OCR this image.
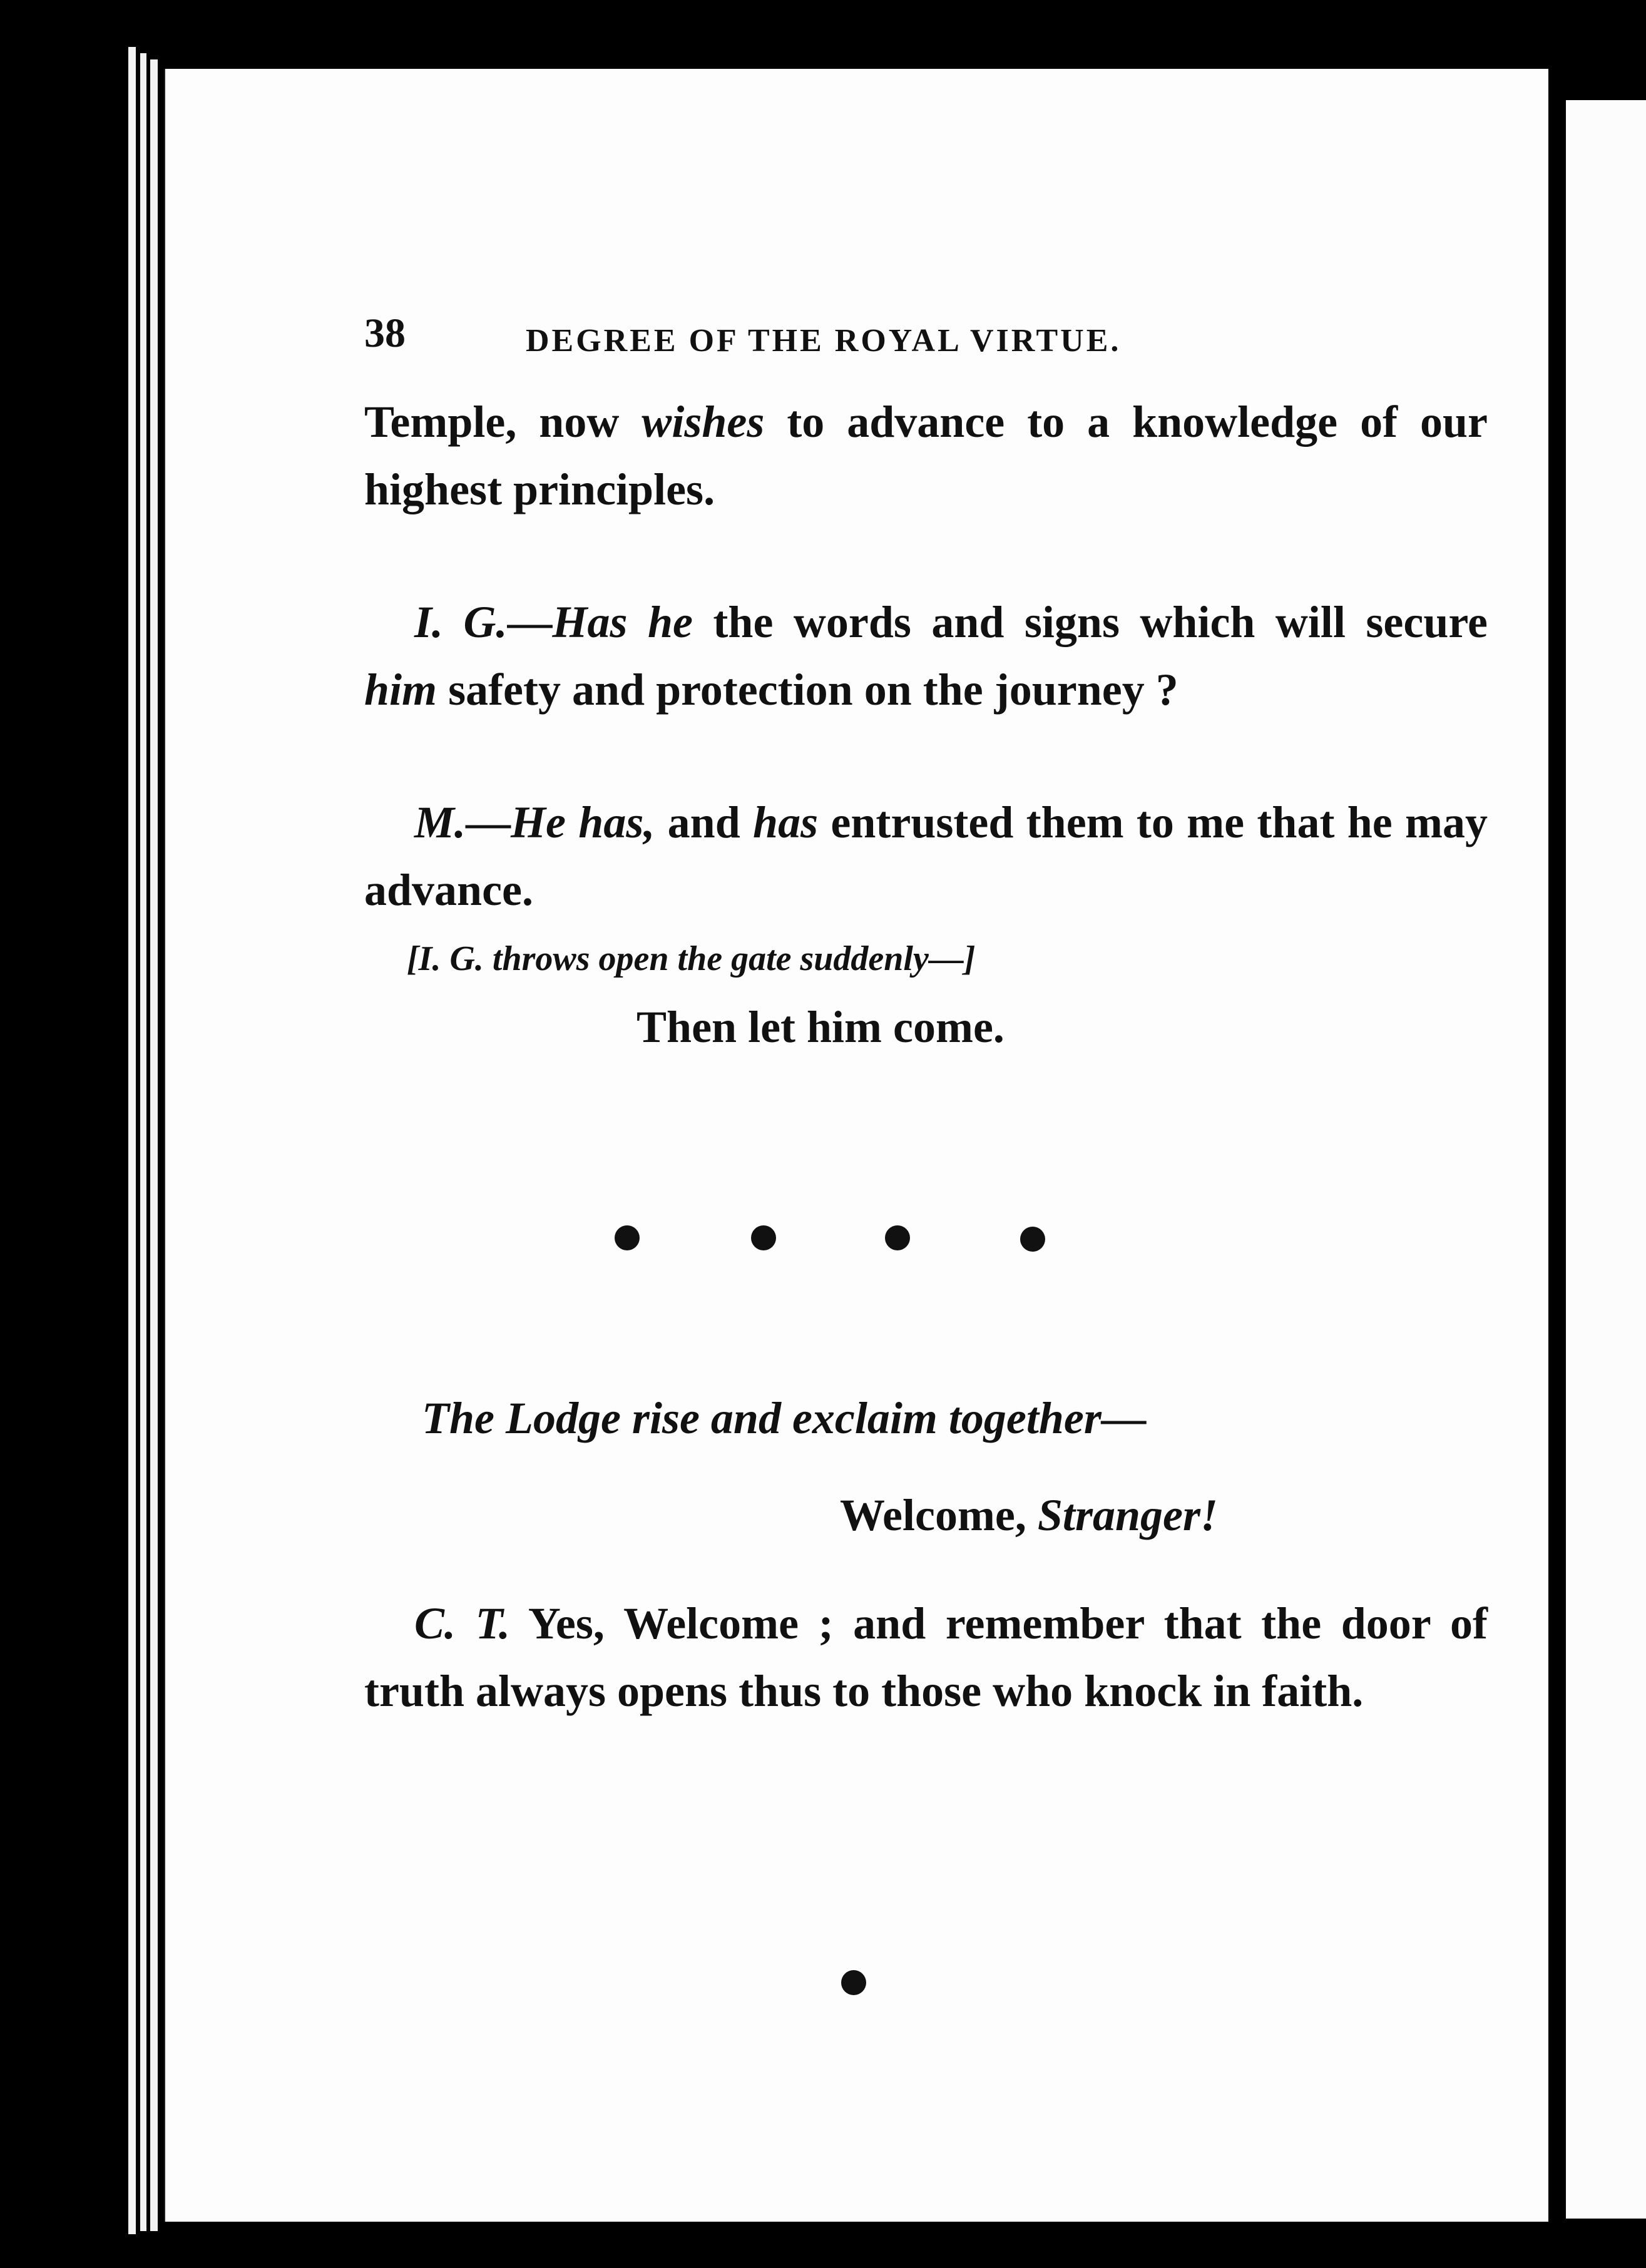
38	DEGREE OF THE ROYAL VIRTUE.
Temple, now wishes to advance to a knowledge of our highest principles.
I. G.—Has he the words and signs which will secure him safety and protection on the journey ?
M.—He has, and has entrusted them to me that he may advance.
[I. G. throws open the gate suddenly—]
Then let him come.
The Lodge rise and exclaim together—
Welcome, Stranger!
C. T. Yes, Welcome ; and remember that the door of truth always opens thus to those who knock in faith.
